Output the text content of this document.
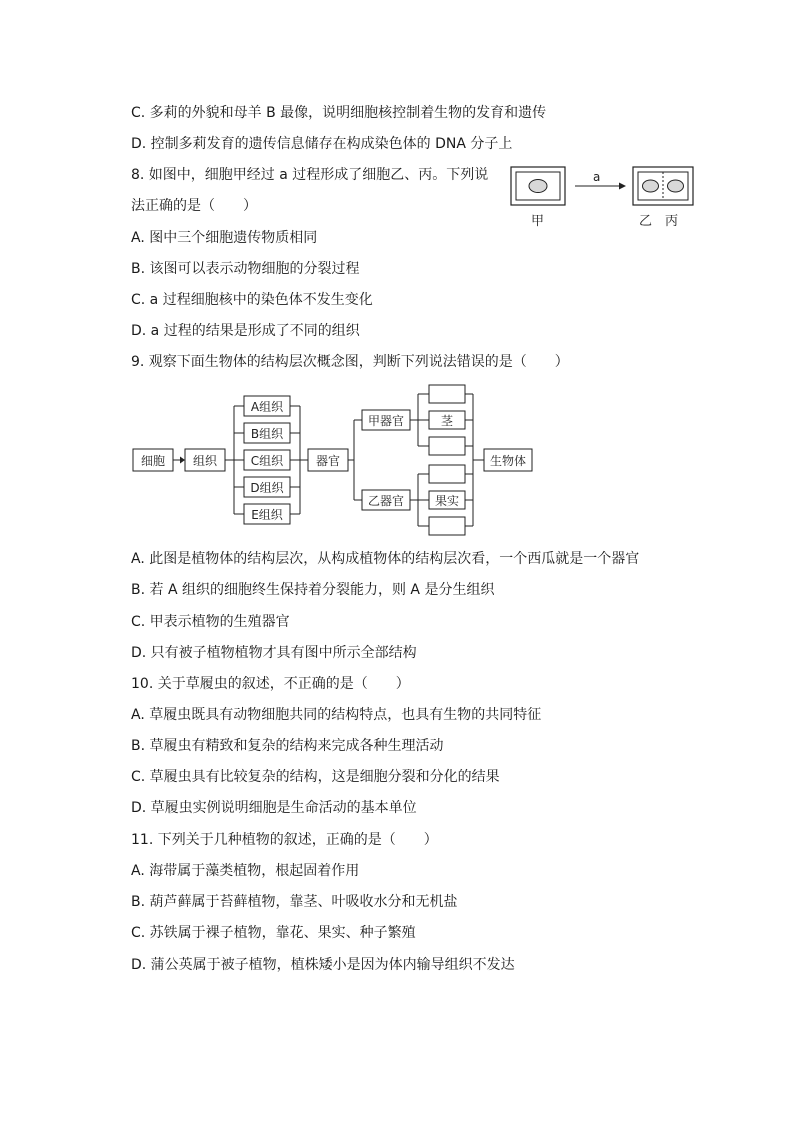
C. 多莉的外貌和母羊 B 最像，说明细胞核控制着生物的发育和遗传
D. 控制多莉发育的遗传信息储存在构成染色体的 DNA 分子上
8. 如图中，细胞甲经过 a 过程形成了细胞乙、丙。下列说
法正确的是（　　）
A. 图中三个细胞遗传物质相同
B. 该图可以表示动物细胞的分裂过程
C. a 过程细胞核中的染色体不发生变化
D. a 过程的结果是形成了不同的组织
a
甲	乙 丙
9. 观察下面生物体的结构层次概念图，判断下列说法错误的是（　　）
细胞 组织
A组织
B组织
C组织
D组织
E组织
器官
甲器官
乙器官
茎
果实
生物体
A. 此图是植物体的结构层次，从构成植物体的结构层次看，一个西瓜就是一个器官
B. 若 A 组织的细胞终生保持着分裂能力，则 A 是分生组织
C. 甲表示植物的生殖器官
D. 只有被子植物植物才具有图中所示全部结构
10. 关于草履虫的叙述，不正确的是（　　）
A. 草履虫既具有动物细胞共同的结构特点，也具有生物的共同特征
B. 草履虫有精致和复杂的结构来完成各种生理活动
C. 草履虫具有比较复杂的结构，这是细胞分裂和分化的结果
D. 草履虫实例说明细胞是生命活动的基本单位
11. 下列关于几种植物的叙述，正确的是（　　）
A. 海带属于藻类植物，根起固着作用
B. 葫芦藓属于苔藓植物，靠茎、叶吸收水分和无机盐
C. 苏铁属于裸子植物，靠花、果实、种子繁殖
D. 蒲公英属于被子植物，植株矮小是因为体内输导组织不发达
